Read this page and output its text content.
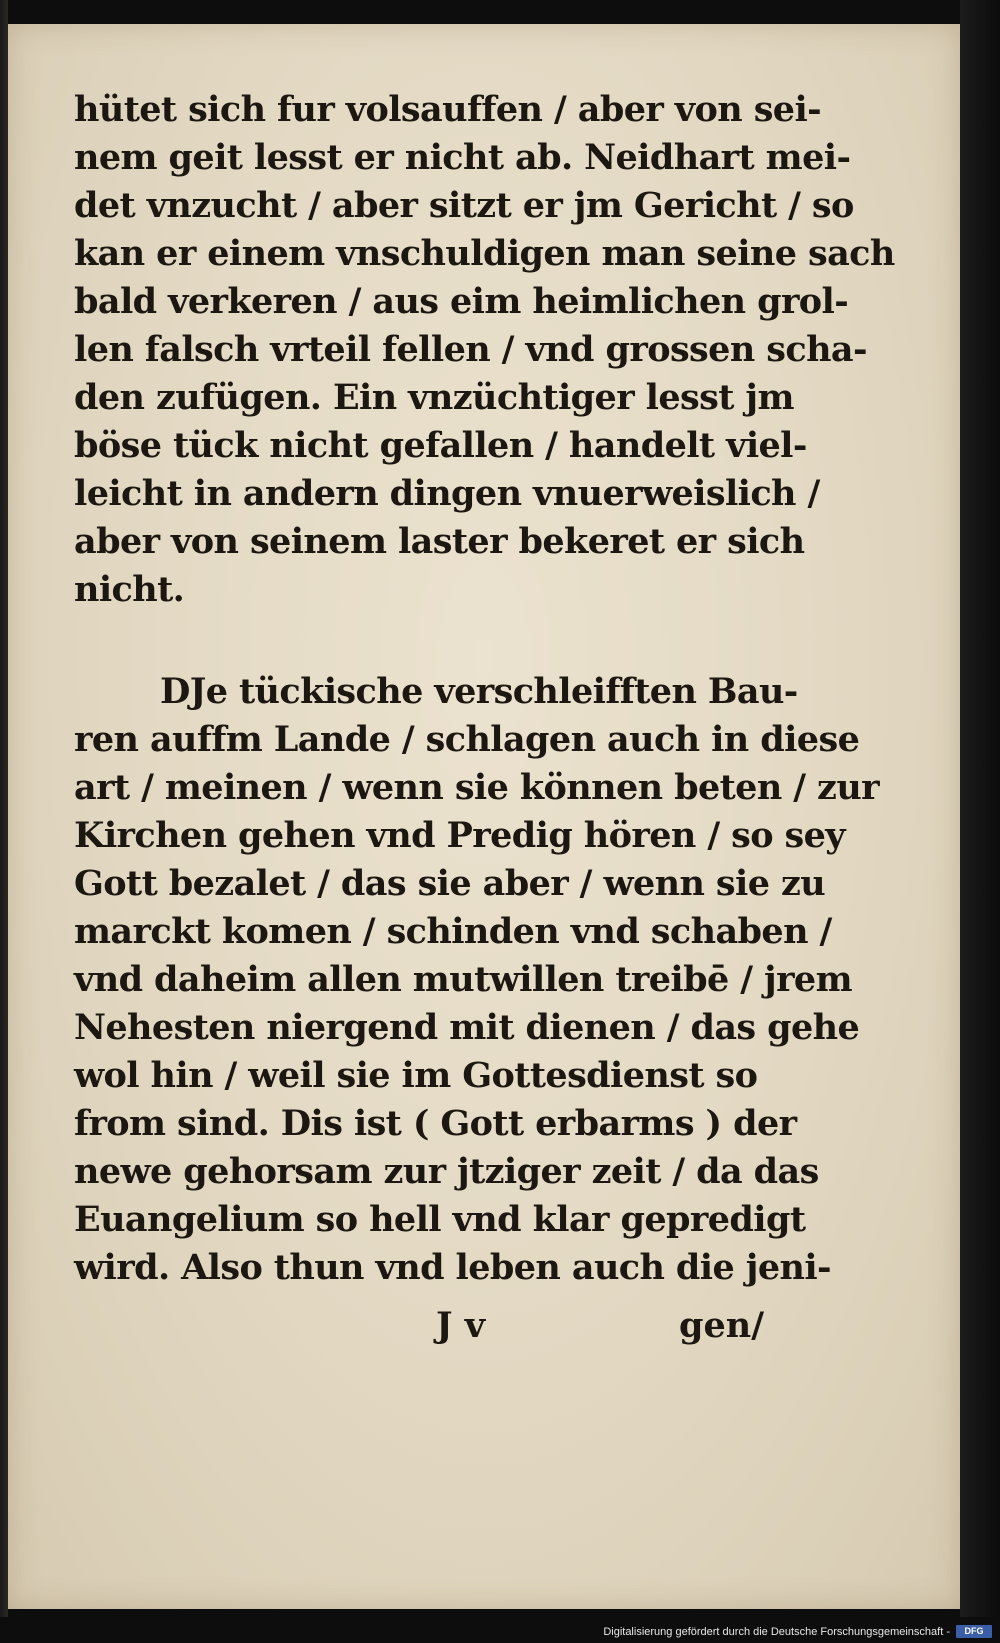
hütet sich fur volsauffen / aber von sei-
nem geit lesst er nicht ab. Neidhart mei-
det vnzucht / aber sitzt er jm Gericht / so
kan er einem vnschuldigen man seine sach
bald verkeren / aus eim heimlichen grol-
len falsch vrteil fellen / vnd grossen scha-
den zufügen. Ein vnzüchtiger lesst jm
böse tück nicht gefallen / handelt viel-
leicht in andern dingen vnuerweislich /
aber von seinem laster bekeret er sich
nicht.
DJe tückische verschleifften Bau-
ren auffm Lande / schlagen auch in diese
art / meinen / wenn sie können beten / zur
Kirchen gehen vnd Predig hören / so sey
Gott bezalet / das sie aber / wenn sie zu
marckt komen / schinden vnd schaben /
vnd daheim allen mutwillen treibē / jrem
Nehesten niergend mit dienen / das gehe
wol hin / weil sie im Gottesdienst so
from sind. Dis ist ( Gott erbarms ) der
newe gehorsam zur jtziger zeit / da das
Euangelium so hell vnd klar gepredigt
wird. Also thun vnd leben auch die jeni-
J v	gen/
Digitalisierung gefördert durch die Deutsche Forschungsgemeinschaft -	DFG
